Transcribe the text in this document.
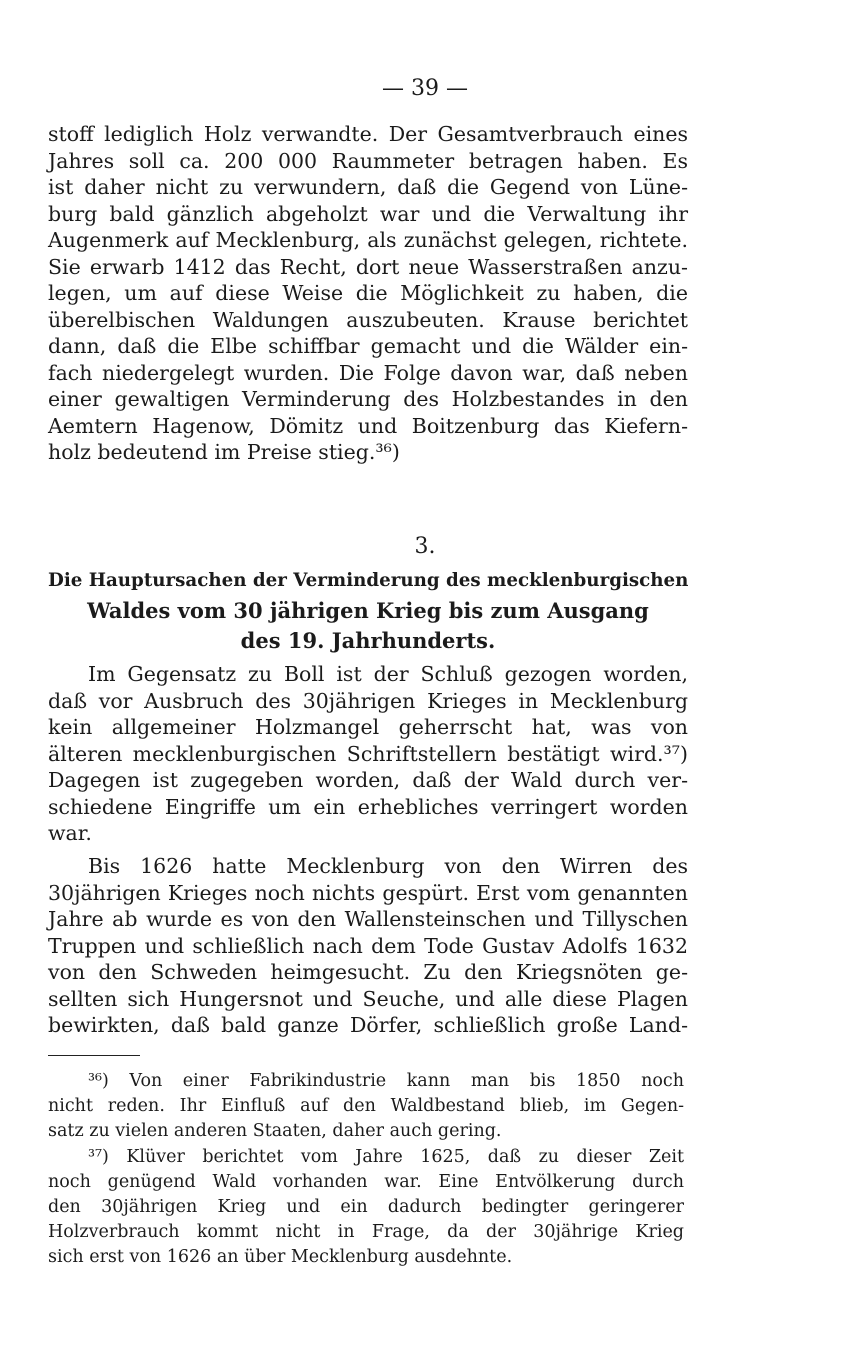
— 39 —
stoff lediglich Holz verwandte. Der Gesamtverbrauch eines
Jahres soll ca. 200 000 Raummeter betragen haben. Es
ist daher nicht zu verwundern, daß die Gegend von Lüne-
burg bald gänzlich abgeholzt war und die Verwaltung ihr
Augenmerk auf Mecklenburg, als zunächst gelegen, richtete.
Sie erwarb 1412 das Recht, dort neue Wasserstraßen anzu-
legen, um auf diese Weise die Möglichkeit zu haben, die
überelbischen Waldungen auszubeuten. Krause berichtet
dann, daß die Elbe schiffbar gemacht und die Wälder ein-
fach niedergelegt wurden. Die Folge davon war, daß neben
einer gewaltigen Verminderung des Holzbestandes in den
Aemtern Hagenow, Dömitz und Boitzenburg das Kiefern-
holz bedeutend im Preise stieg.³⁶)
3.
Die Hauptursachen der Verminderung des mecklenburgischen
Waldes vom 30 jährigen Krieg bis zum Ausgang
des 19. Jahrhunderts.
Im Gegensatz zu Boll ist der Schluß gezogen worden,
daß vor Ausbruch des 30jährigen Krieges in Mecklenburg
kein allgemeiner Holzmangel geherrscht hat, was von
älteren mecklenburgischen Schriftstellern bestätigt wird.³⁷)
Dagegen ist zugegeben worden, daß der Wald durch ver-
schiedene Eingriffe um ein erhebliches verringert worden
war.
Bis 1626 hatte Mecklenburg von den Wirren des
30jährigen Krieges noch nichts gespürt. Erst vom genannten
Jahre ab wurde es von den Wallensteinschen und Tillyschen
Truppen und schließlich nach dem Tode Gustav Adolfs 1632
von den Schweden heimgesucht. Zu den Kriegsnöten ge-
sellten sich Hungersnot und Seuche, und alle diese Plagen
bewirkten, daß bald ganze Dörfer, schließlich große Land-
³⁶) Von einer Fabrikindustrie kann man bis 1850 noch
nicht reden. Ihr Einfluß auf den Waldbestand blieb, im Gegen-
satz zu vielen anderen Staaten, daher auch gering.
³⁷) Klüver berichtet vom Jahre 1625, daß zu dieser Zeit
noch genügend Wald vorhanden war. Eine Entvölkerung durch
den 30jährigen Krieg und ein dadurch bedingter geringerer
Holzverbrauch kommt nicht in Frage, da der 30jährige Krieg
sich erst von 1626 an über Mecklenburg ausdehnte.
